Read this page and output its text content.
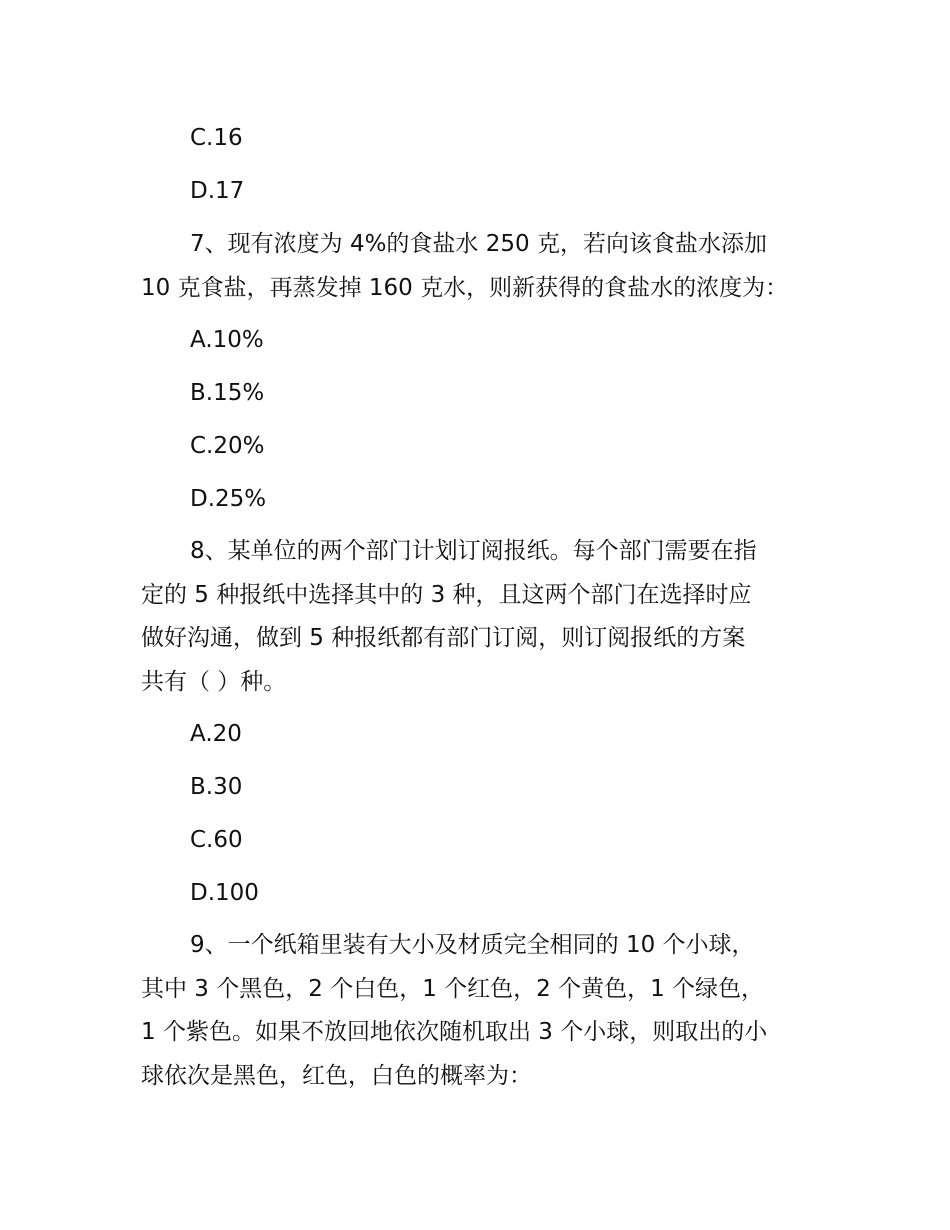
C.16
D.17
7、现有浓度为 4%的食盐水 250 克，若向该食盐水添加
10 克食盐，再蒸发掉 160 克水，则新获得的食盐水的浓度为：
A.10%
B.15%
C.20%
D.25%
8、某单位的两个部门计划订阅报纸。每个部门需要在指
定的 5 种报纸中选择其中的 3 种，且这两个部门在选择时应
做好沟通，做到 5 种报纸都有部门订阅，则订阅报纸的方案
共有（ ）种。
A.20
B.30
C.60
D.100
9、一个纸箱里装有大小及材质完全相同的 10 个小球，
其中 3 个黑色，2 个白色，1 个红色，2 个黄色，1 个绿色，
1 个紫色。如果不放回地依次随机取出 3 个小球，则取出的小
球依次是黑色，红色，白色的概率为：
